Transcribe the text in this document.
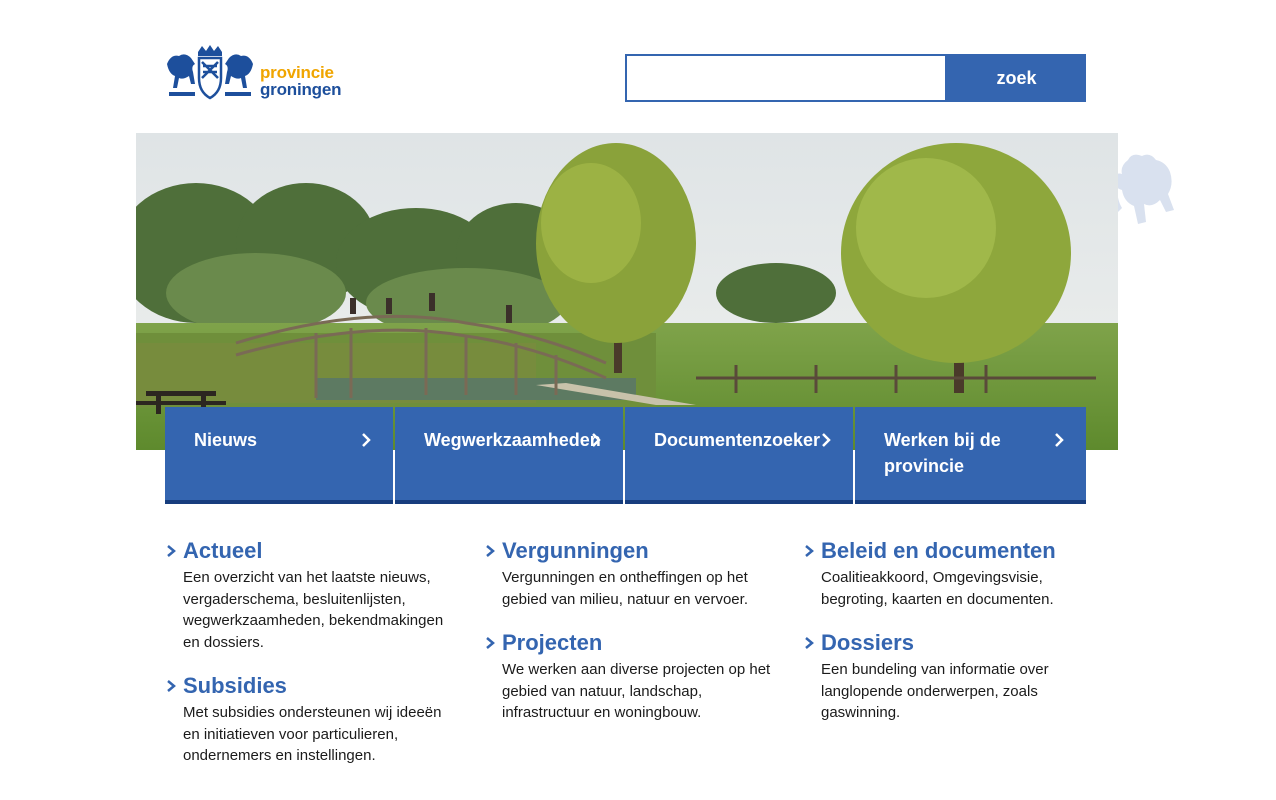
provincie
groningen
zoek
Nieuws	Wegwerkzaamheden	Documentenzoeker	Werken bij de provincie
Actueel
Een overzicht van het laatste nieuws, vergaderschema, besluitenlijsten, wegwerkzaamheden, bekendmakingen en dossiers.
Subsidies
Met subsidies ondersteunen wij ideeën en initiatieven voor particulieren, ondernemers en instellingen.
Vergunningen
Vergunningen en ontheffingen op het gebied van milieu, natuur en vervoer.
Projecten
We werken aan diverse projecten op het gebied van natuur, landschap, infrastructuur en woningbouw.
Beleid en documenten
Coalitieakkoord, Omgevingsvisie, begroting, kaarten en documenten.
Dossiers
Een bundeling van informatie over langlopende onderwerpen, zoals gaswinning.
